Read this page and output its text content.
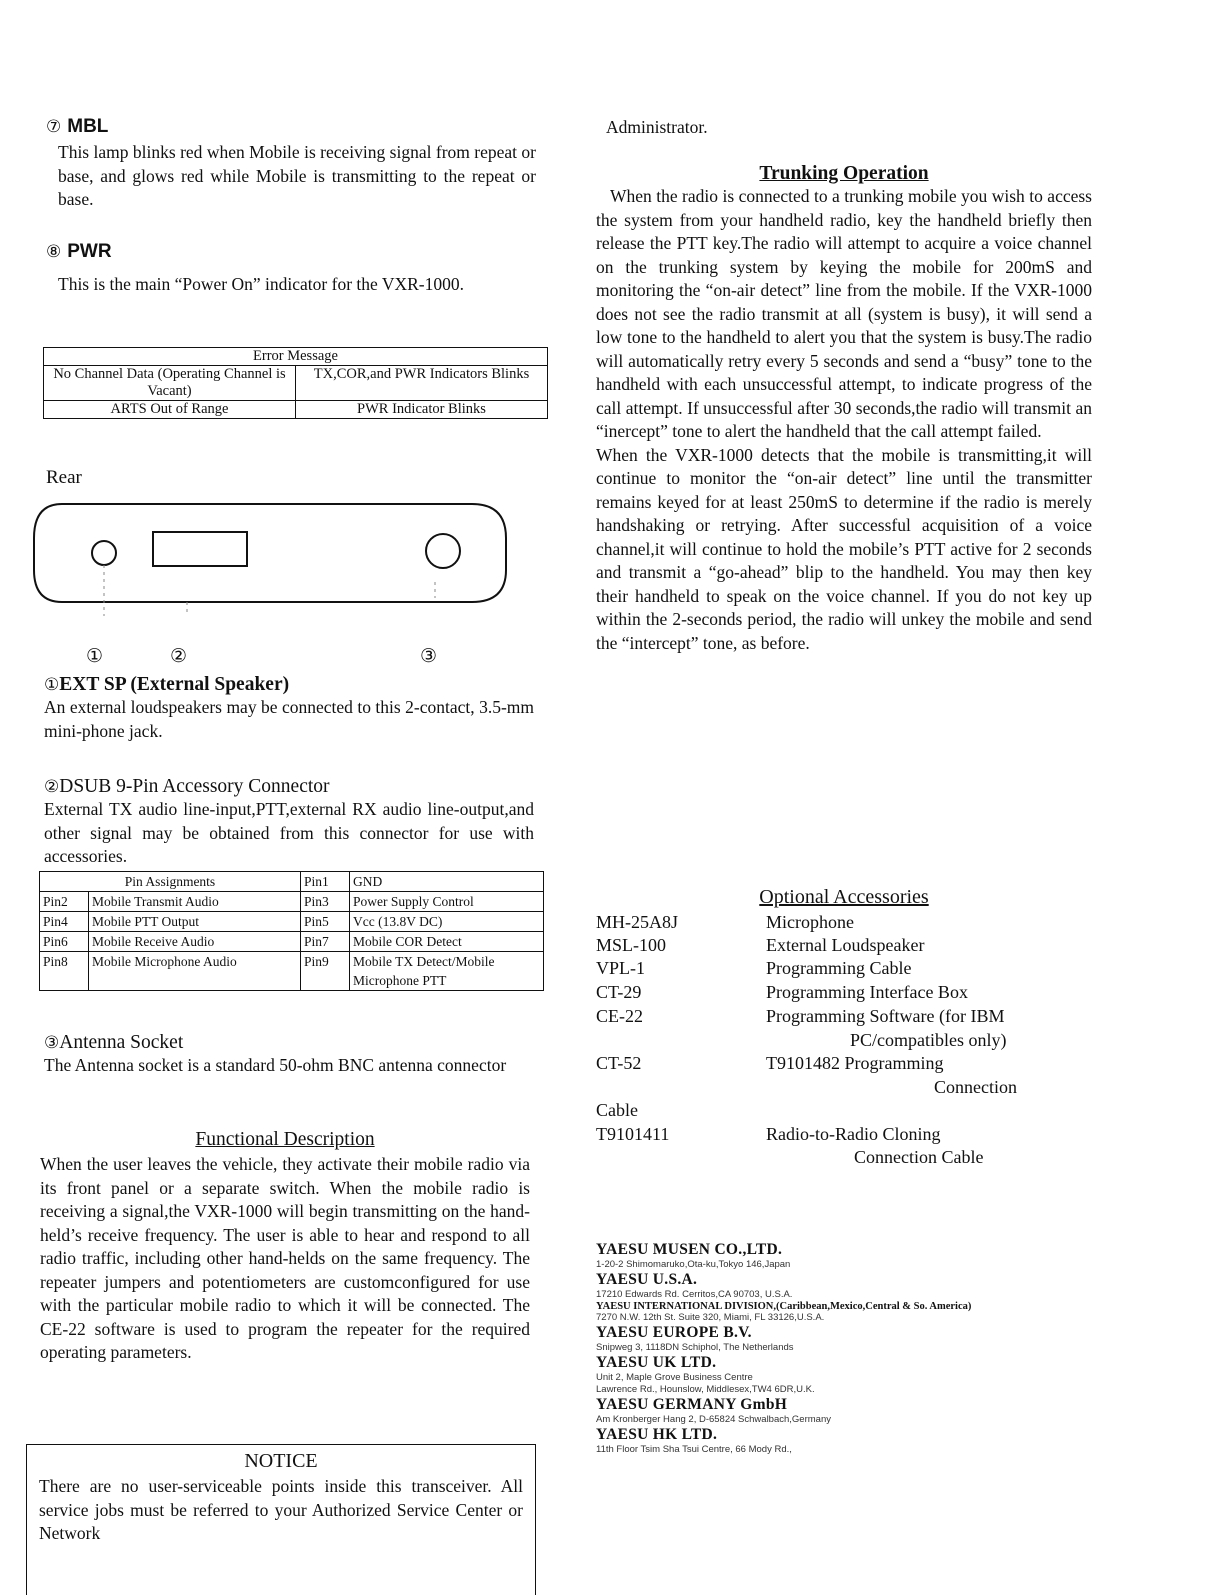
⑦ MBL
This lamp blinks red when Mobile is receiving signal from repeat or base, and glows red while Mobile is transmitting to the repeat or base.
⑧ PWR
This is the main “Power On” indicator for the VXR-1000.
Error Message	
No Channel Data (Operating Channel is Vacant)	TX,COR,and PWR Indicators Blinks
ARTS Out of Range	PWR Indicator Blinks
Rear
①	②	③
①EXT SP (External Speaker)
An external loudspeakers may be connected to this 2-contact, 3.5-mm mini-phone jack.
②DSUB 9-Pin Accessory Connector
External TX audio line-input,PTT,external RX audio line-output,and other signal may be obtained from this connector for use with accessories.
Pin Assignments		Pin1	GND
Pin2	Mobile Transmit Audio	Pin3	Power Supply Control
Pin4	Mobile PTT Output	Pin5	Vcc (13.8V DC)
Pin6	Mobile Receive Audio	Pin7	Mobile COR Detect
Pin8	Mobile Microphone Audio	Pin9	Mobile TX Detect/Mobile Microphone PTT
③Antenna Socket
The Antenna socket is a standard 50-ohm BNC antenna connector
Functional Description
When the user leaves the vehicle, they activate their mobile radio via its front panel or a separate switch. When the mobile radio is receiving a signal,the VXR-1000 will begin transmitting on the hand-held’s receive frequency. The user is able to hear and respond to all radio traffic, including other hand-helds on the same frequency. The repeater jumpers and potentiometers are customconfigured for use with the particular mobile radio to which it will be connected. The CE-22 software is used to program the repeater for the required operating parameters.
NOTICE
There are no user-serviceable points inside this transceiver. All service jobs must be referred to your Authorized Service Center or Network
Administrator.
Trunking Operation
When the radio is connected to a trunking mobile you wish to access the system from your handheld radio, key the handheld briefly then release the PTT key.The radio will attempt to acquire a voice channel on the trunking system by keying the mobile for 200mS and monitoring the “on-air detect” line from the mobile. If the VXR-1000 does not see the radio transmit at all (system is busy), it will send a low tone to the handheld to alert you that the system is busy.The radio will automatically retry every 5 seconds and send a “busy” tone to the handheld with each unsuccessful attempt, to indicate progress of the call attempt. If unsuccessful after 30 seconds,the radio will transmit an “inercept” tone to alert the handheld that the call attempt failed.
When the VXR-1000 detects that the mobile is transmitting,it will continue to monitor the “on-air detect” line until the transmitter remains keyed for at least 250mS to determine if the radio is merely handshaking or retrying. After successful acquisition of a voice channel,it will continue to hold the mobile’s PTT active for 2 seconds and transmit a “go-ahead” blip to the handheld. You may then key their handheld to speak on the voice channel. If you do not key up within the 2-seconds period, the radio will unkey the mobile and send the “intercept” tone, as before.
Optional Accessories
MH-25A8J	Microphone
MSL-100	External Loudspeaker
VPL-1	Programming Cable
CT-29	Programming Interface Box
CE-22	Programming Software (for IBM
PC/compatibles only)
CT-52	T9101482 Programming
Connection
Cable
T9101411	Radio-to-Radio Cloning
Connection Cable
YAESU MUSEN CO.,LTD.
1-20-2 Shimomaruko,Ota-ku,Tokyo 146,Japan
YAESU U.S.A.
17210 Edwards Rd. Cerritos,CA 90703, U.S.A.
YAESU INTERNATIONAL DIVISION,(Caribbean,Mexico,Central & So. America)
7270 N.W. 12th St. Suite 320, Miami, FL 33126,U.S.A.
YAESU EUROPE B.V.
Snipweg 3, 1118DN Schiphol, The Netherlands
YAESU UK LTD.
Unit 2, Maple Grove Business Centre
Lawrence Rd., Hounslow, Middlesex,TW4 6DR,U.K.
YAESU GERMANY GmbH
Am Kronberger Hang 2, D-65824 Schwalbach,Germany
YAESU HK LTD.
11th Floor Tsim Sha Tsui Centre, 66 Mody Rd.,
